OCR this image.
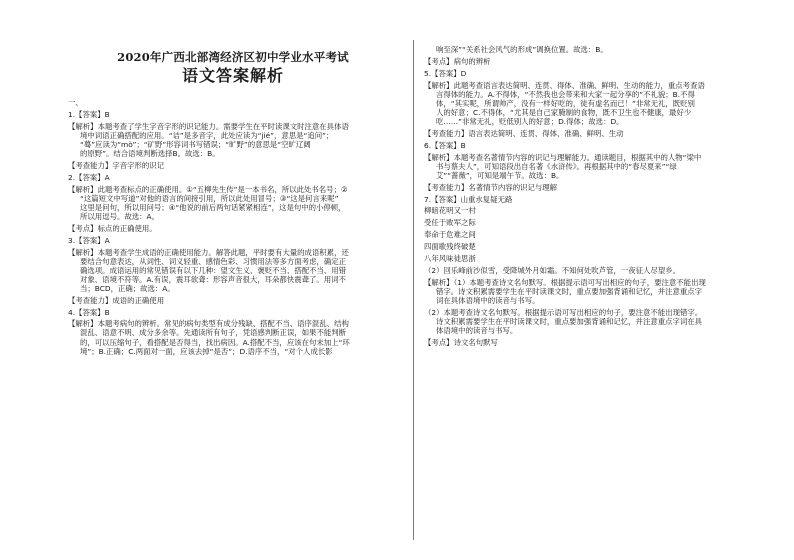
2020年广西北部湾经济区初中学业水平考试
语文答案解析
一、
1.【答案】B
【解析】本题考查了学生字音字形的识记能力。需要学生在平时读课文时注意在具体语
境中词语正确搭配的应用。“诘”是多音字，此处应读为“jié”，意思是“追问”；
“蓦”应读为“mò”；“矿野”形容词书写错误；“旷野”的意思是“空旷辽阔
的原野”。结合语境判断选择B。故选：B。
【考查能力】字音字形的识记
2.【答案】A
【解析】此题考查标点的正确使用。①“五柳先生传”是一本书名，所以此处书名号；②
“这篇短文中写道”对他的语言的间接引用，所以此处用冒号；③“这是何言来呢”
这里是问句，所以用问号；④“他说的前后两句话紧紧相连”，这是句中的小停顿，
所以用逗号。故选：A。
【考点】标点的正确使用。
3.【答案】A
【解析】本题考查学生成语的正确使用能力。解答此题，平时要有大量的成语积累，还
要结合句意表达，从词性、词义轻重、感情色彩、习惯用法等多方面考虑，确定正
确选项。成语运用的常见错误有以下几种：望文生义、褒贬不当、搭配不当、用错
对象、语境不符等。A.有误，震耳欲聋：形容声音很大，耳朵都快震聋了。用词不
当；BCD，正确；故选：A。
【考查能力】成语的正确使用
4.【答案】B
【解析】本题考病句的辨析。常见的病句类型有成分残缺、搭配不当、语序混乱、结构
混乱、语意不明、成分多余等。先通读所有句子，凭语感判断正误，如果不能判断
的，可以压缩句子，看搭配是否得当，找出病因。A.搭配不当，应该在句末加上“环
境”；B.正确；C.两面对一面，应该去掉“是否”；D.语序不当，“对个人成长影
响至深”“关系社会风气的形成”调换位置。故选：B。
【考点】病句的辨析
5.【答案】D
【解析】此题考查语言表达简明、连贯、得体、准确、鲜明、生动的能力，重点考查语
言得体的能力。A.不得体，“不然我也会带来和大家一起分享的”不礼貌；B.不得
体，“其实呢，所谓帅产，没有一样好吃的，徒有虚名而已！”非常无礼，既贬别
人的好意；C.不得体，“尤其是自己家腌制的食物，既不卫生也不健康，最好少
吃……”非常无礼，贬低别人的好意；D.得体；故选：D。
【考查能力】语言表达简明、连贯、得体、准确、鲜明、生动
6.【答案】B
【解析】本题考查名著情节内容的识记与理解能力。通读题目，根据其中的人物“梁中
书与蔡夫人”，可知语段出自名著《水浒传》。再根据其中的“春尽夏来”“绿
艾”“蔷薇”，可知是端午节。故选：B。
【考查能力】名著情节内容的识记与理解
7.【答案】山重水复疑无路
柳暗花明又一村
受任于败军之际
奉命于危难之间
四面歌残终破楚
八年风味徒思浙
（2）回乐峰前沙似雪，受降城外月如霜。不知何处吹芦管，一夜征人尽望乡。
【解析】（1）本题考查诗文名句默写。根据提示语可写出相应的句子，要注意不能出现
错字。诗文积累需要学生在平时读课文时，重点要加强背诵和记忆，并注意重点字
词在具体语境中的读音与书写。
（2）本题考查诗文名句默写。根据提示语可写出相应的句子，要注意不能出现错字。
诗文积累需要学生在平时读课文时，重点要加强背诵和记忆，并注意重点字词在具
体语境中的读音与书写。
【考点】诗文名句默写
